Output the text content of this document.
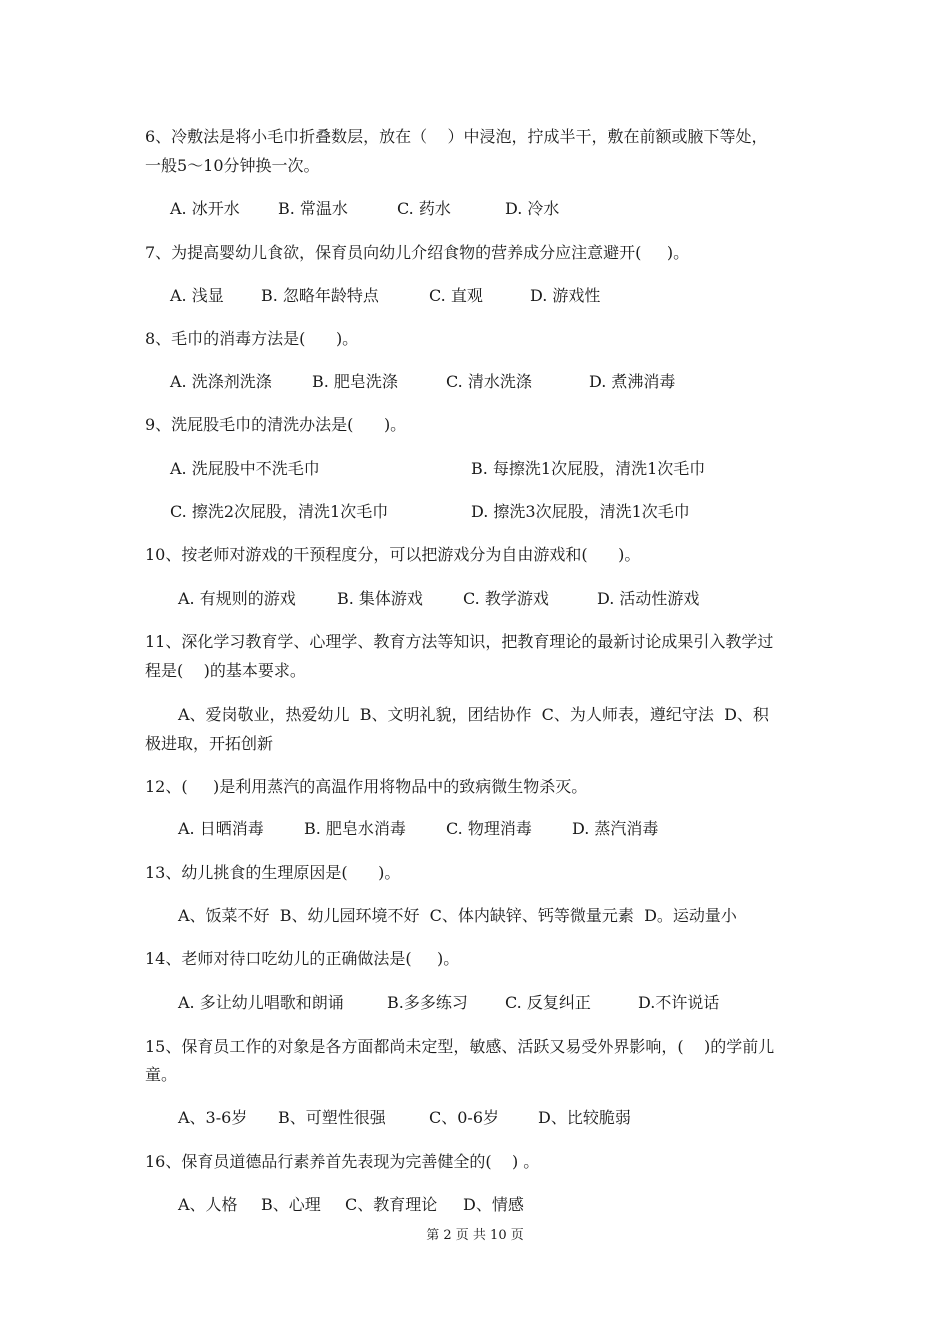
6、冷敷法是将小毛巾折叠数层，放在（    ）中浸泡，拧成半干，敷在前额或腋下等处，
一般5～10分钟换一次。
A. 冰开水 B. 常温水	C. 药水	D. 冷水
7、为提高婴幼儿食欲，保育员向幼儿介绍食物的营养成分应注意避开(     )。
A. 浅显 B. 忽略年龄特点	C. 直观	D. 游戏性
8、毛巾的消毒方法是(      )。
A. 洗涤剂洗涤	B. 肥皂洗涤	C. 清水洗涤	D. 煮沸消毒
9、洗屁股毛巾的清洗办法是(      )。
A. 洗屁股中不洗毛巾	B. 每擦洗1次屁股，清洗1次毛巾
C. 擦洗2次屁股，清洗1次毛巾	D. 擦洗3次屁股，清洗1次毛巾
10、按老师对游戏的干预程度分，可以把游戏分为自由游戏和(      )。
A. 有规则的游戏	B. 集体游戏	C. 教学游戏	D. 活动性游戏
11、深化学习教育学、心理学、教育方法等知识，把教育理论的最新讨论成果引入教学过
程是(    )的基本要求。
A、爱岗敬业，热爱幼儿  B、文明礼貌，团结协作  C、为人师表，遵纪守法  D、积
极进取，开拓创新
12、(     )是利用蒸汽的高温作用将物品中的致病微生物杀灭。
A. 日晒消毒	B. 肥皂水消毒	C. 物理消毒	D. 蒸汽消毒
13、幼儿挑食的生理原因是(      )。
A、饭菜不好  B、幼儿园环境不好  C、体内缺锌、钙等微量元素  D。运动量小
14、老师对待口吃幼儿的正确做法是(     )。
A. 多让幼儿唱歌和朗诵	B.多多练习 C. 反复纠正	D.不许说话
15、保育员工作的对象是各方面都尚未定型，敏感、活跃又易受外界影响，(    )的学前儿
童。
A、3-6岁 B、可塑性很强	C、0-6岁 D、比较脆弱
16、保育员道德品行素养首先表现为完善健全的(    ) 。
A、人格 B、心理 C、教育理论 D、情感
第 2 页 共 10 页
